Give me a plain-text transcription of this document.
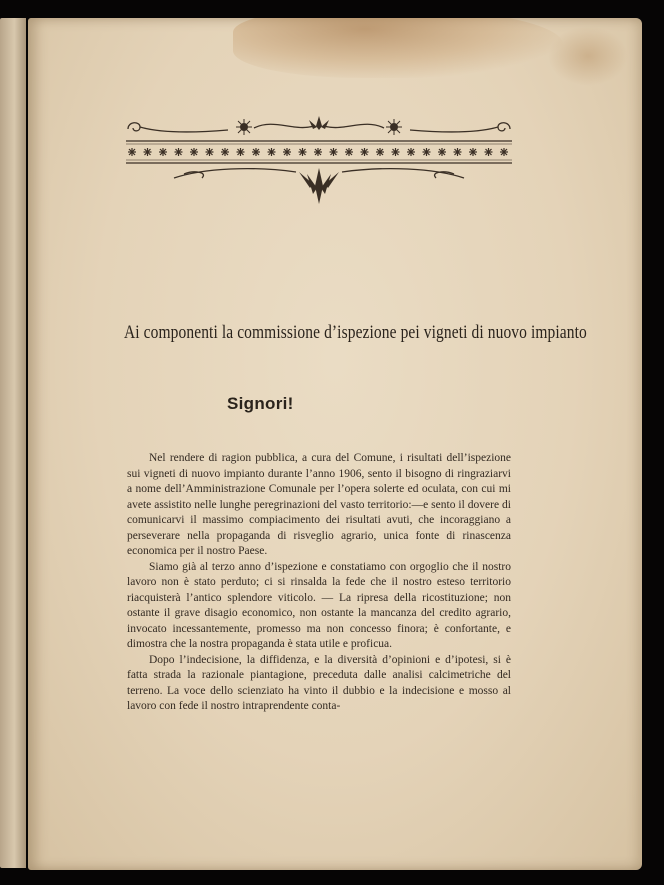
Ai componenti la commissione d’ispezione pei vigneti di nuovo impianto
Signori!

Nel rendere di ragion pubblica, a cura del Comune, i risultati dell’ispezione sui vigneti di nuovo impianto durante l’anno 1906, sento il bisogno di ringraziarvi a nome dell’Amministrazione Comunale per l’opera solerte ed oculata, con cui mi avete assistito nelle lunghe peregrinazioni del vasto territorio:—e sento il dovere di comunicarvi il massimo compiacimento dei risultati avuti, che incoraggiano a perseverare nella propaganda di risveglio agrario, unica fonte di rinascenza economica per il nostro Paese.

Siamo già al terzo anno d’ispezione e constatiamo con orgoglio che il nostro lavoro non è stato perduto; ci si rinsalda la fede che il nostro esteso territorio riacquisterà l’antico splendore viticolo. — La ripresa della ricostituzione; non ostante il grave disagio economico, non ostante la mancanza del credito agrario, invocato incessantemente, promesso ma non concesso finora; è confortante, e dimostra che la nostra propaganda è stata utile e proficua.

Dopo l’indecisione, la diffidenza, e la diversità d’opinioni e d’ipotesi, si è fatta strada la razionale piantagione, preceduta dalle analisi calcimetriche del terreno. La voce dello scienziato ha vinto il dubbio e la indecisione e mosso al lavoro con fede il nostro intraprendente conta-
